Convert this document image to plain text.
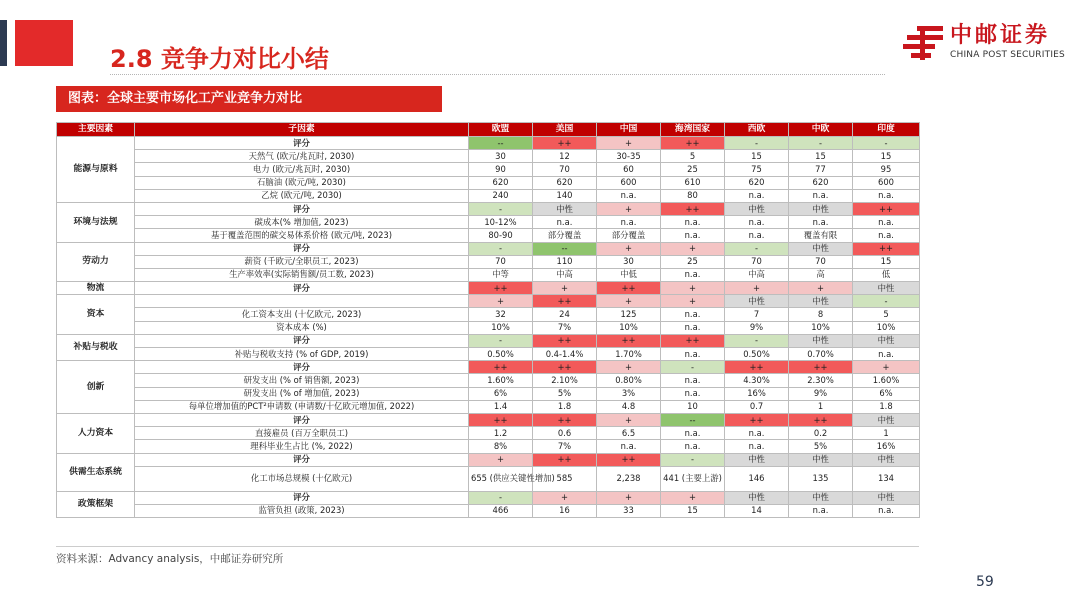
2.8 竞争力对比小结
中邮证券
CHINA POST SECURITIES
图表：全球主要市场化工产业竞争力对比
主要因素	子因素	欧盟	美国	中国	海湾国家	西欧	中欧	印度
能源与原料	评分	--	++	+	++	-	-	-
	天然气 (欧元/兆瓦时, 2030)	30	12	30-35	5	15	15	15
	电力 (欧元/兆瓦时, 2030)	90	70	60	25	75	77	95
	石脑油 (欧元/吨, 2030)	620	620	600	610	620	620	600
	乙烷 (欧元/吨, 2030)	240	140	n.a.	80	n.a.	n.a.	n.a.
环境与法规	评分	-	中性	+	++	中性	中性	++
	碳成本(% 增加值, 2023)	10-12%	n.a.	n.a.	n.a.	n.a.	n.a.	n.a.
	基于覆盖范围的碳交易体系价格 (欧元/吨, 2023)	80-90	部分覆盖	部分覆盖	n.a.	n.a.	覆盖有限	n.a.
劳动力	评分	-	--	+	+	-	中性	++
	薪资 (千欧元/全职员工, 2023)	70	110	30	25	70	70	15
	生产率效率(实际销售额/员工数, 2023)	中等	中高	中低	n.a.	中高	高	低
物流	评分	++	+	++	+	+	+	中性
资本		+	++	+	+	中性	中性	-
	化工资本支出 (十亿欧元, 2023)	32	24	125	n.a.	7	8	5
	资本成本 (%)	10%	7%	10%	n.a.	9%	10%	10%
补贴与税收	评分	-	++	++	++	-	中性	中性
	补贴与税收支持 (% of GDP, 2019)	0.50%	0.4-1.4%	1.70%	n.a.	0.50%	0.70%	n.a.
创新	评分	++	++	+	-	++	++	+
	研发支出 (% of 销售额, 2023)	1.60%	2.10%	0.80%	n.a.	4.30%	2.30%	1.60%
	研发支出 (% of 增加值, 2023)	6%	5%	3%	n.a.	16%	9%	6%
	每单位增加值的PCT²申请数 (申请数/十亿欧元增加值, 2022)	1.4	1.8	4.8	10	0.7	1	1.8
人力资本	评分	++	++	+	--	++	++	中性
	直接雇员 (百万全职员工)	1.2	0.6	6.5	n.a.	n.a.	0.2	1
	理科毕业生占比 (%, 2022)	8%	7%	n.a.	n.a.	n.a.	5%	16%
供需生态系统	评分	+	++	++	-	中性	中性	中性
	化工市场总规模 (十亿欧元)	655 (供应关键性增加)	585	2,238	441 (主要上游)	146	135	134
政策框架	评分	-	+	+	+	中性	中性	中性
	监管负担 (政策, 2023)	466	16	33	15	14	n.a.	n.a.
资料来源：Advancy analysis，中邮证券研究所
59
